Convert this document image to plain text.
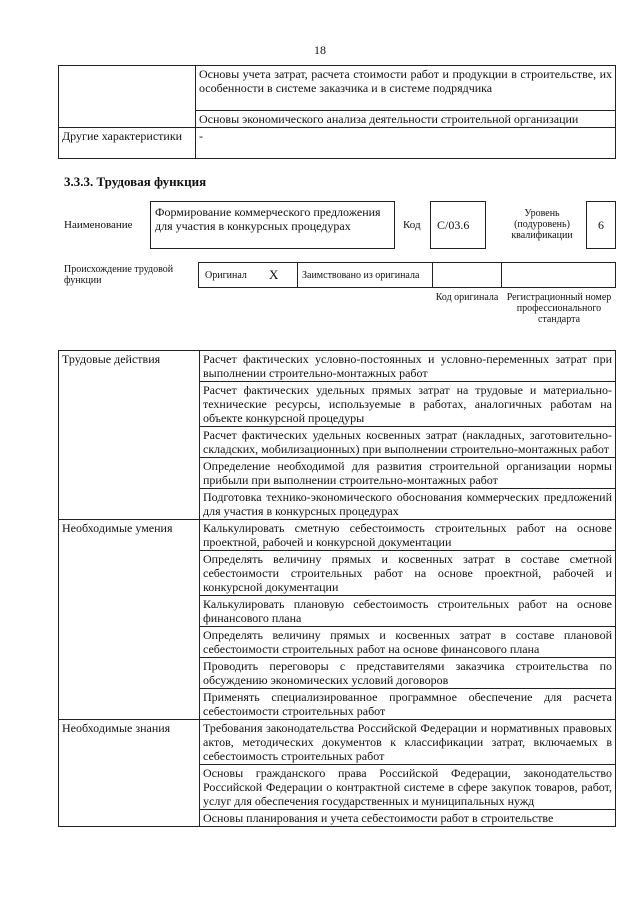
18
	Основы учета затрат, расчета стоимости работ и продукции в строительстве, их особенности в системе заказчика и в системе подрядчика
	Основы экономического анализа деятельности строительной организации
Другие характеристики	-
3.3.3. Трудовая функция
Наименование
Формирование коммерческого предложения для участия в конкурсных процедурах	Код	С/03.6
Уровень (подуровень) квалификации
6
Происхождение трудовой функции	Оригинал X	Заимствовано из оригинала
Код оригинала Регистрационный номер профессионального стандарта
Трудовые действия	Расчет фактических условно-постоянных и условно-переменных затрат при выполнении строительно-монтажных работ
	Расчет фактических удельных прямых затрат на трудовые и материально-технические ресурсы, используемые в работах, аналогичных работам на объекте конкурсной процедуры
	Расчет фактических удельных косвенных затрат (накладных, заготовительно-складских, мобилизационных) при выполнении строительно-монтажных работ
	Определение необходимой для развития строительной организации нормы прибыли при выполнении строительно-монтажных работ
	Подготовка технико-экономического обоснования коммерческих предложений для участия в конкурсных процедурах
Необходимые умения	Калькулировать сметную себестоимость строительных работ на основе проектной, рабочей и конкурсной документации
	Определять величину прямых и косвенных затрат в составе сметной себестоимости строительных работ на основе проектной, рабочей и конкурсной документации
	Калькулировать плановую себестоимость строительных работ на основе финансового плана
	Определять величину прямых и косвенных затрат в составе плановой себестоимости строительных работ на основе финансового плана
	Проводить переговоры с представителями заказчика строительства по обсуждению экономических условий договоров
	Применять специализированное программное обеспечение для расчета себестоимости строительных работ
Необходимые знания	Требования законодательства Российской Федерации и нормативных правовых актов, методических документов к классификации затрат, включаемых в себестоимость строительных работ
	Основы гражданского права Российской Федерации, законодательство Российской Федерации о контрактной системе в сфере закупок товаров, работ, услуг для обеспечения государственных и муниципальных нужд
	Основы планирования и учета себестоимости работ в строительстве
